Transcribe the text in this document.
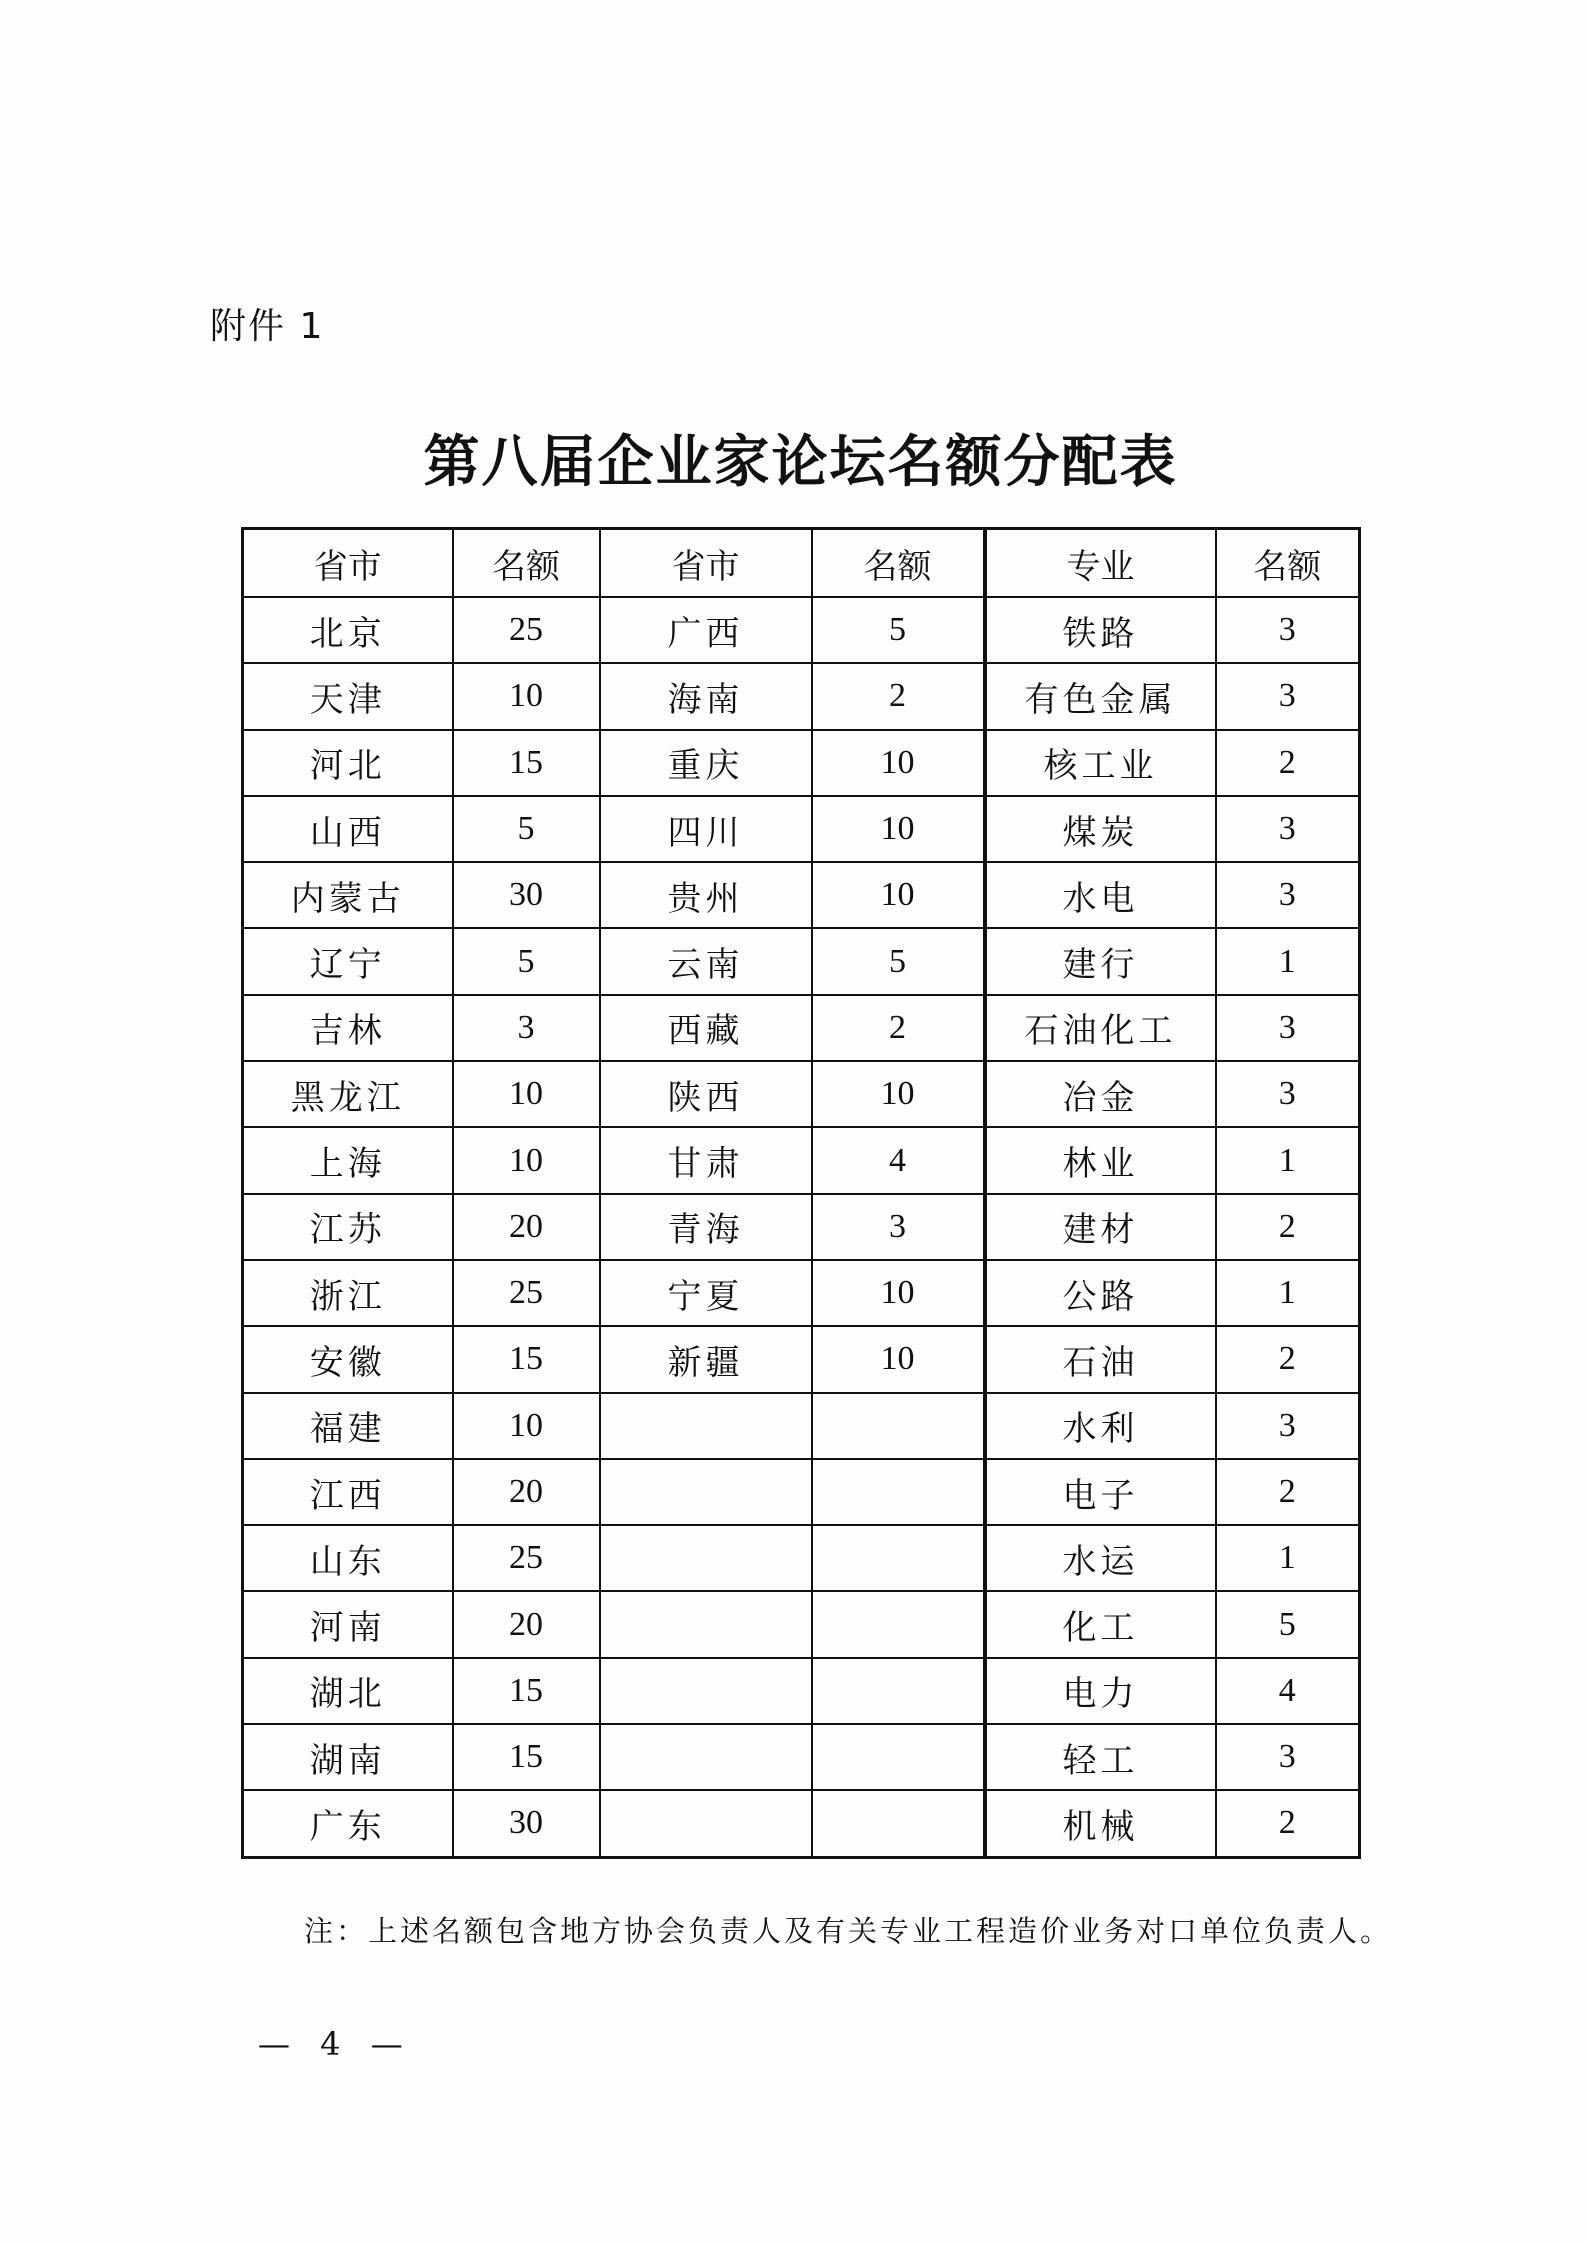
附件 1
第八届企业家论坛名额分配表
省市	名额	省市	名额	专业	名额
北京	25	广西	5	铁路	3
天津	10	海南	2	有色金属	3
河北	15	重庆	10	核工业	2
山西	5	四川	10	煤炭	3
内蒙古	30	贵州	10	水电	3
辽宁	5	云南	5	建行	1
吉林	3	西藏	2	石油化工	3
黑龙江	10	陕西	10	冶金	3
上海	10	甘肃	4	林业	1
江苏	20	青海	3	建材	2
浙江	25	宁夏	10	公路	1
安徽	15	新疆	10	石油	2
福建	10			水利	3
江西	20			电子	2
山东	25			水运	1
河南	20			化工	5
湖北	15			电力	4
湖南	15			轻工	3
广东	30			机械	2
注：上述名额包含地方协会负责人及有关专业工程造价业务对口单位负责人。
— 4 —
